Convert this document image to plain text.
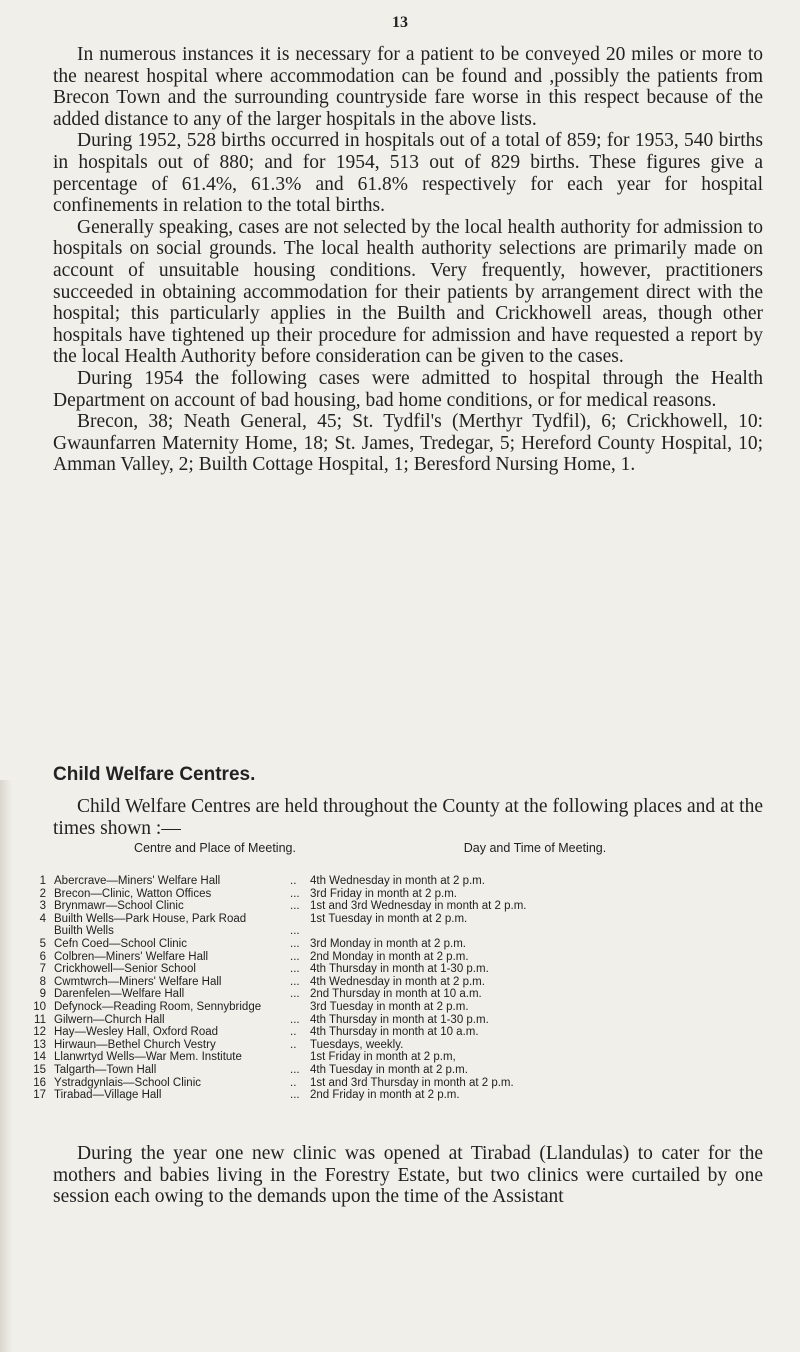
13

In numerous instances it is necessary for a patient to be conveyed 20 miles or more to the nearest hospital where accommodation can be found and ,possibly the patients from Brecon Town and the surrounding countryside fare worse in this respect because of the added distance to any of the larger hospitals in the above lists.

During 1952, 528 births occurred in hospitals out of a total of 859; for 1953, 540 births in hospitals out of 880; and for 1954, 513 out of 829 births. These figures give a percentage of 61.4%, 61.3% and 61.8% respectively for each year for hospital confinements in relation to the total births.

Generally speaking, cases are not selected by the local health authority for admission to hospitals on social grounds. The local health authority selections are primarily made on account of unsuitable housing conditions. Very frequently, however, practitioners succeeded in obtaining accommodation for their patients by arrangement direct with the hospital; this particularly applies in the Builth and Crickhowell areas, though other hospitals have tightened up their procedure for admission and have requested a report by the local Health Authority before consideration can be given to the cases.

During 1954 the following cases were admitted to hospital through the Health Department on account of bad housing, bad home conditions, or for medical reasons.

Brecon, 38; Neath General, 45; St. Tydfil's (Merthyr Tydfil), 6; Crickhowell, 10: Gwaunfarren Maternity Home, 18; St. James, Tredegar, 5; Hereford County Hospital, 10; Amman Valley, 2; Builth Cottage Hospital, 1; Beresford Nursing Home, 1.

Child Welfare Centres.

Child Welfare Centres are held throughout the County at the following places and at the times shown :—

Centre and Place of Meeting.	Day and Time of Meeting.
1 Abercrave—Miners' Welfare Hall	..	4th Wednesday in month at 2 p.m.
2 Brecon—Clinic, Watton Offices	... 3rd Friday in month at 2 p.m.
3 Brynmawr—School Clinic	... 1st and 3rd Wednesday in month at 2 p.m.
4 Builth Wells—Park House, Park Road	1st Tuesday in month at 2 p.m.
Builth Wells	...
5 Cefn Coed—School Clinic	... 3rd Monday in month at 2 p.m.
6 Colbren—Miners' Welfare Hall	... 2nd Monday in month at 2 p.m.
7 Crickhowell—Senior School	... 4th Thursday in month at 1-30 p.m.
8 Cwmtwrch—Miners' Welfare Hall	... 4th Wednesday in month at 2 p.m.
9 Darenfelen—Welfare Hall	... 2nd Thursday in month at 10 a.m.
10 Defynock—Reading Room, Sennybridge	3rd Tuesday in month at 2 p.m.
11 Gilwern—Church Hall	... 4th Thursday in month at 1-30 p.m.
12 Hay—Wesley Hall, Oxford Road	..	4th Thursday in month at 10 a.m.
13 Hirwaun—Bethel Church Vestry	..	Tuesdays, weekly.
14 Llanwrtyd Wells—War Mem. Institute	1st Friday in month at 2 p.m,
15 Talgarth—Town Hall	... 4th Tuesday in month at 2 p.m.
16 Ystradgynlais—School Clinic	..	1st and 3rd Thursday in month at 2 p.m.
17 Tirabad—Village Hall	... 2nd Friday in month at 2 p.m.

During the year one new clinic was opened at Tirabad (Llandulas) to cater for the mothers and babies living in the Forestry Estate, but two clinics were curtailed by one session each owing to the demands upon the time of the Assistant
